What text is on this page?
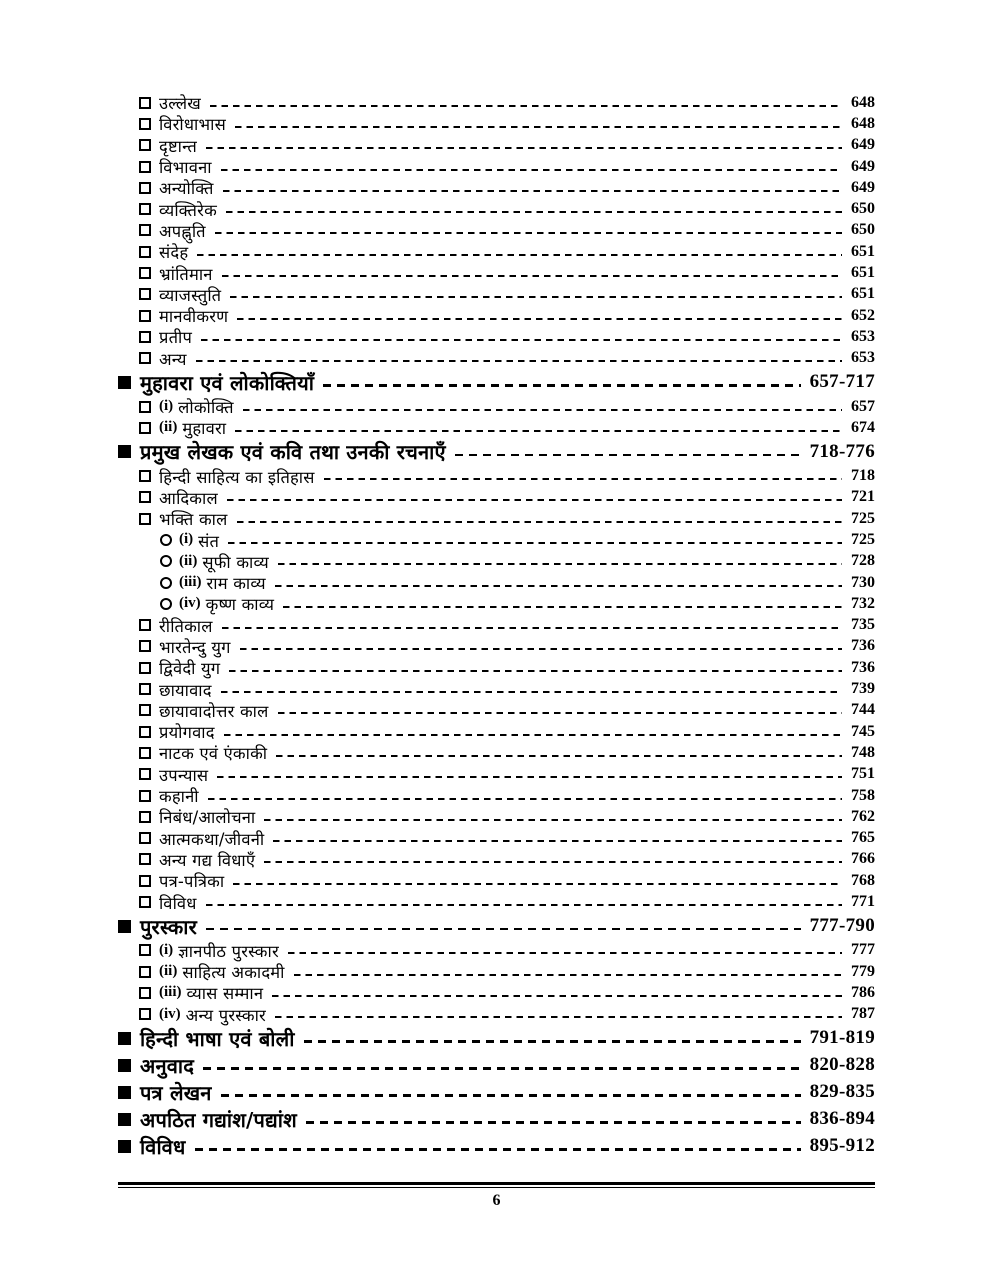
उल्लेख	648
विरोधाभास	648
दृष्टान्त	649
विभावना	649
अन्योक्ति	649
व्यक्तिरेक	650
अपह्नुति	650
संदेह	651
भ्रांतिमान	651
व्याजस्तुति	651
मानवीकरण	652
प्रतीप	653
अन्य	653
मुहावरा एवं लोकोक्तियाँ	657-717
(i) लोकोक्ति	657
(ii) मुहावरा	674
प्रमुख लेखक एवं कवि तथा उनकी रचनाएँ	718-776
हिन्दी साहित्य का इतिहास	718
आदिकाल	721
भक्ति काल	725
(i) संत	725
(ii) सूफी काव्य	728
(iii) राम काव्य	730
(iv) कृष्ण काव्य	732
रीतिकाल	735
भारतेन्दु युग	736
द्विवेदी युग	736
छायावाद	739
छायावादोत्तर काल	744
प्रयोगवाद	745
नाटक एवं एंकाकी	748
उपन्यास	751
कहानी	758
निबंध/आलोचना	762
आत्मकथा/जीवनी	765
अन्य गद्य विधाएँ	766
पत्र-पत्रिका	768
विविध	771
पुरस्कार	777-790
(i) ज्ञानपीठ पुरस्कार	777
(ii) साहित्य अकादमी	779
(iii) व्यास सम्मान	786
(iv) अन्य पुरस्कार	787
हिन्दी भाषा एवं बोली	791-819
अनुवाद	820-828
पत्र लेखन	829-835
अपठित गद्यांश/पद्यांश	836-894
विविध	895-912
6
